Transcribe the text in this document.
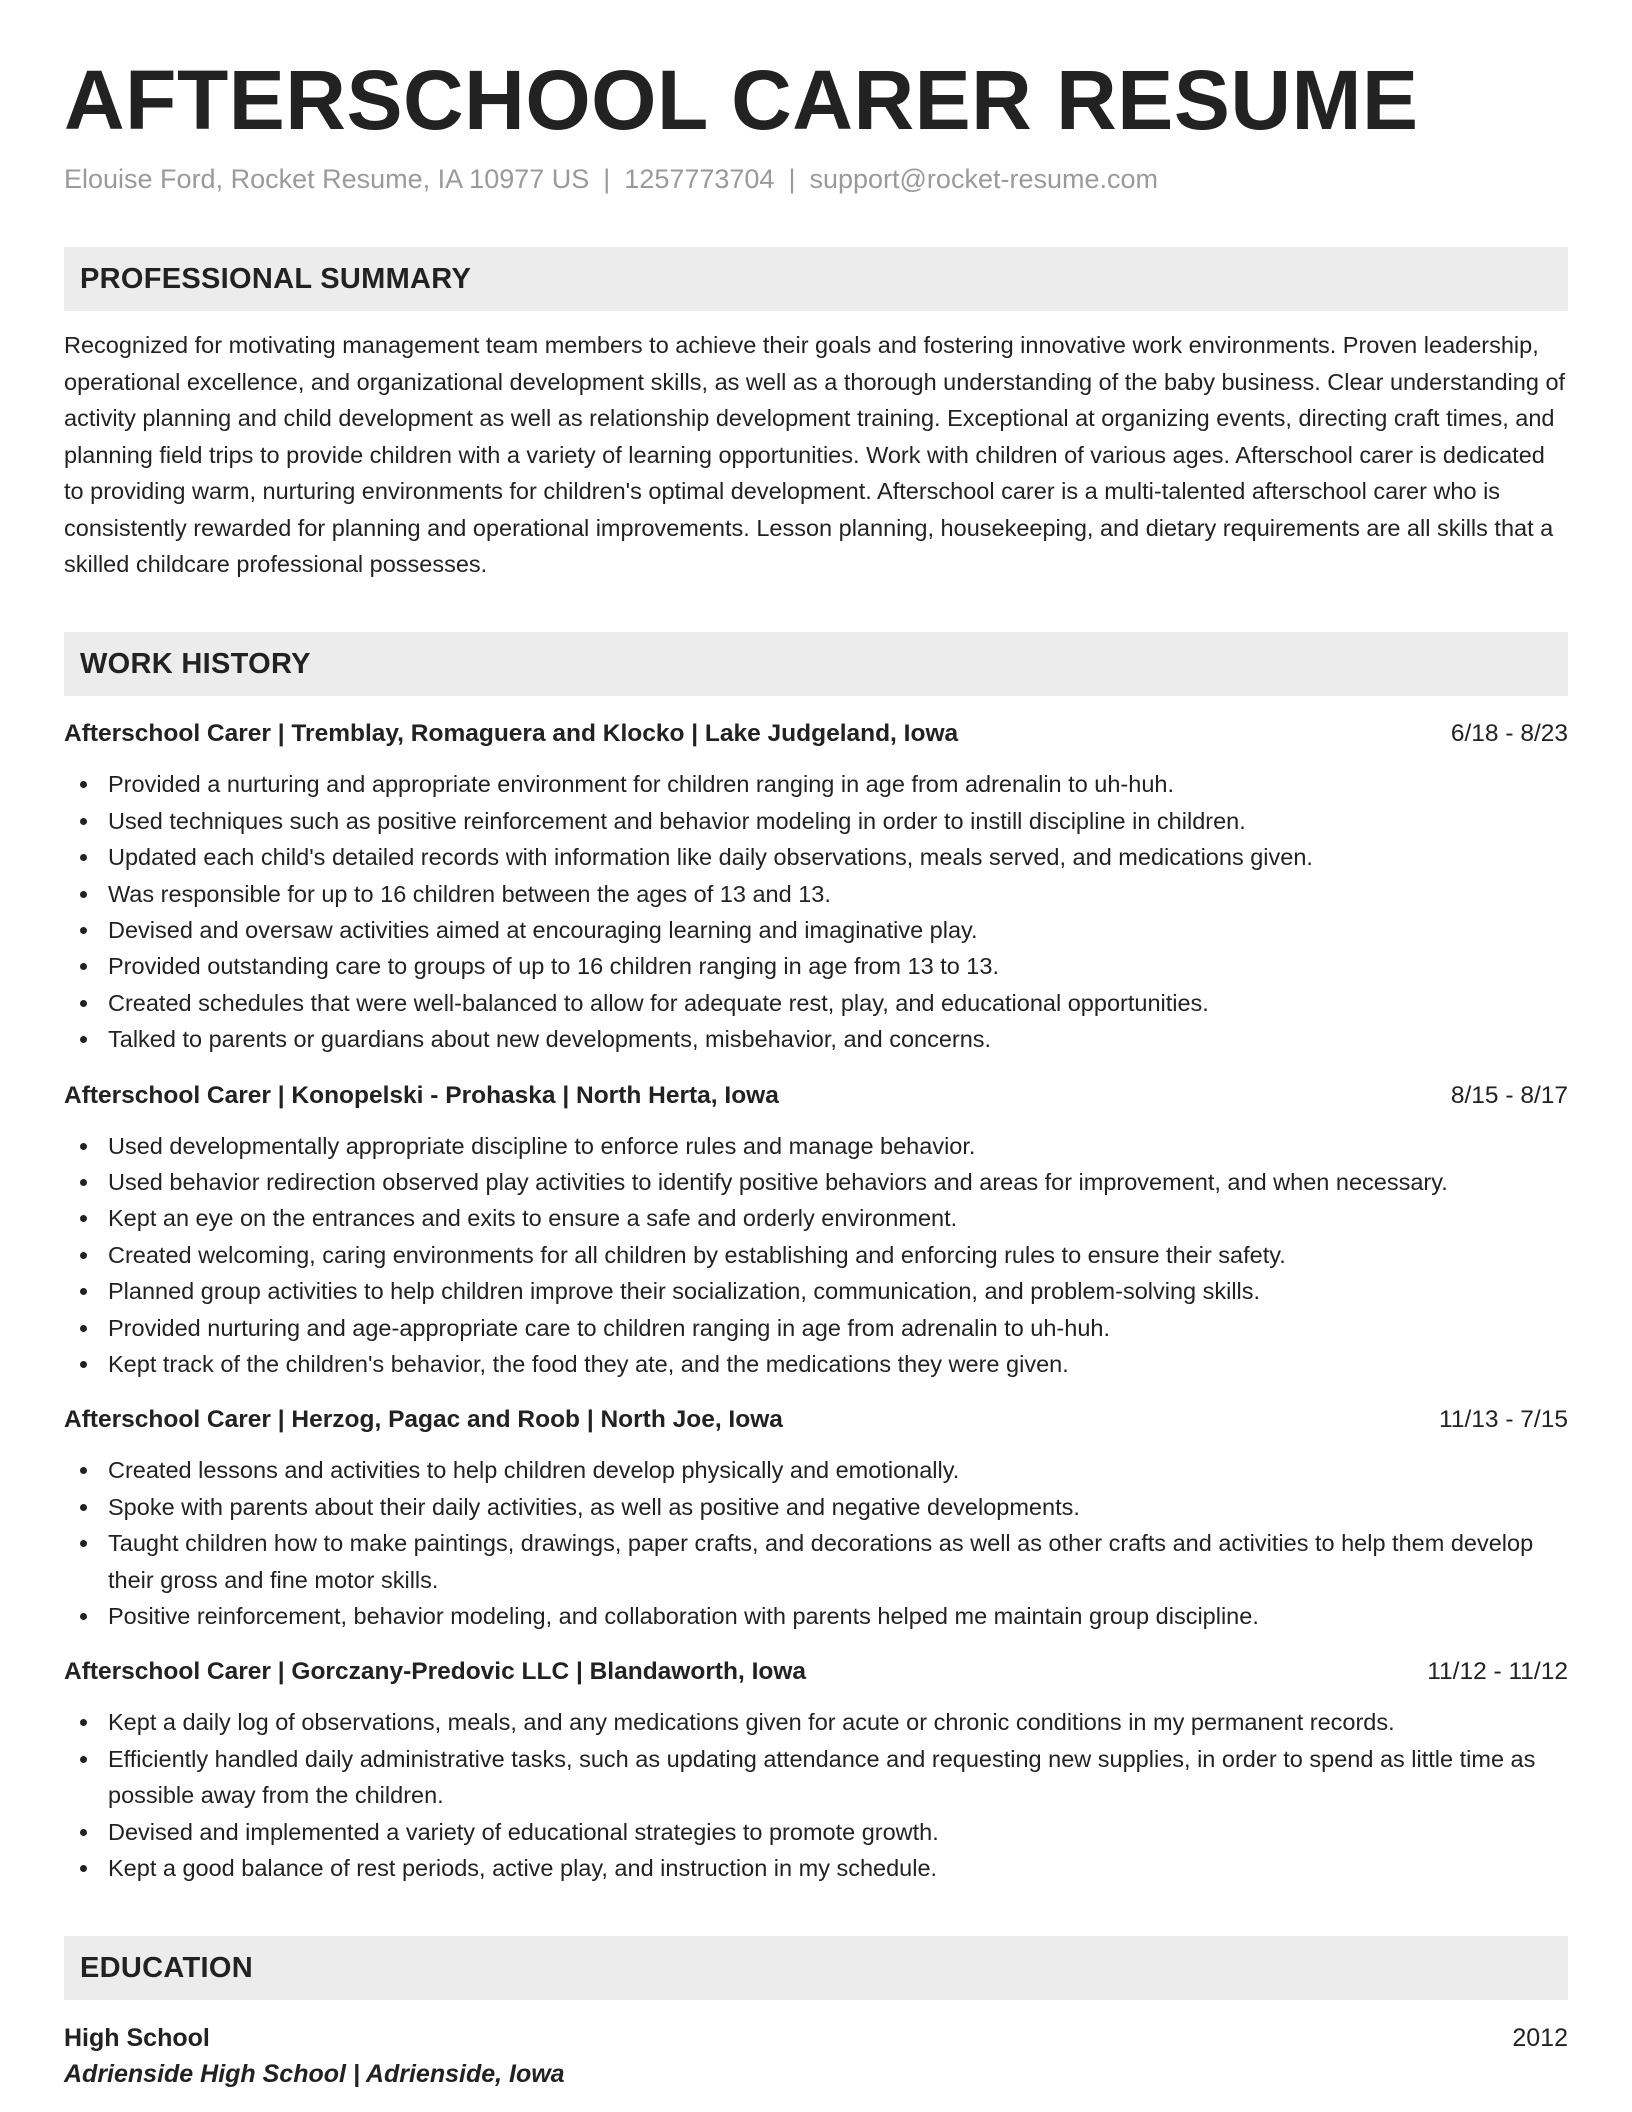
AFTERSCHOOL CARER RESUME
Elouise Ford, Rocket Resume, IA 10977 US | 1257773704 | support@rocket-resume.com
PROFESSIONAL SUMMARY

Recognized for motivating management team members to achieve their goals and fostering innovative work environments. Proven leadership, operational excellence, and organizational development skills, as well as a thorough understanding of the baby business. Clear understanding of activity planning and child development as well as relationship development training. Exceptional at organizing events, directing craft times, and planning field trips to provide children with a variety of learning opportunities. Work with children of various ages. Afterschool carer is dedicated to providing warm, nurturing environments for children's optimal development. Afterschool carer is a multi-talented afterschool carer who is consistently rewarded for planning and operational improvements. Lesson planning, housekeeping, and dietary requirements are all skills that a skilled childcare professional possesses.

WORK HISTORY
Afterschool Carer | Tremblay, Romaguera and Klocko | Lake Judgeland, Iowa	6/18 - 8/23
Provided a nurturing and appropriate environment for children ranging in age from adrenalin to uh-huh.
Used techniques such as positive reinforcement and behavior modeling in order to instill discipline in children.
Updated each child's detailed records with information like daily observations, meals served, and medications given.
Was responsible for up to 16 children between the ages of 13 and 13.
Devised and oversaw activities aimed at encouraging learning and imaginative play.
Provided outstanding care to groups of up to 16 children ranging in age from 13 to 13.
Created schedules that were well-balanced to allow for adequate rest, play, and educational opportunities.
Talked to parents or guardians about new developments, misbehavior, and concerns.
Afterschool Carer | Konopelski - Prohaska | North Herta, Iowa	8/15 - 8/17
Used developmentally appropriate discipline to enforce rules and manage behavior.
Used behavior redirection observed play activities to identify positive behaviors and areas for improvement, and when necessary.
Kept an eye on the entrances and exits to ensure a safe and orderly environment.
Created welcoming, caring environments for all children by establishing and enforcing rules to ensure their safety.
Planned group activities to help children improve their socialization, communication, and problem-solving skills.
Provided nurturing and age-appropriate care to children ranging in age from adrenalin to uh-huh.
Kept track of the children's behavior, the food they ate, and the medications they were given.
Afterschool Carer | Herzog, Pagac and Roob | North Joe, Iowa	11/13 - 7/15
Created lessons and activities to help children develop physically and emotionally.
Spoke with parents about their daily activities, as well as positive and negative developments.
Taught children how to make paintings, drawings, paper crafts, and decorations as well as other crafts and activities to help them develop their gross and fine motor skills.
Positive reinforcement, behavior modeling, and collaboration with parents helped me maintain group discipline.
Afterschool Carer | Gorczany-Predovic LLC | Blandaworth, Iowa	11/12 - 11/12
Kept a daily log of observations, meals, and any medications given for acute or chronic conditions in my permanent records.
Efficiently handled daily administrative tasks, such as updating attendance and requesting new supplies, in order to spend as little time as possible away from the children.
Devised and implemented a variety of educational strategies to promote growth.
Kept a good balance of rest periods, active play, and instruction in my schedule.
EDUCATION
High School	2012
Adrienside High School | Adrienside, Iowa
